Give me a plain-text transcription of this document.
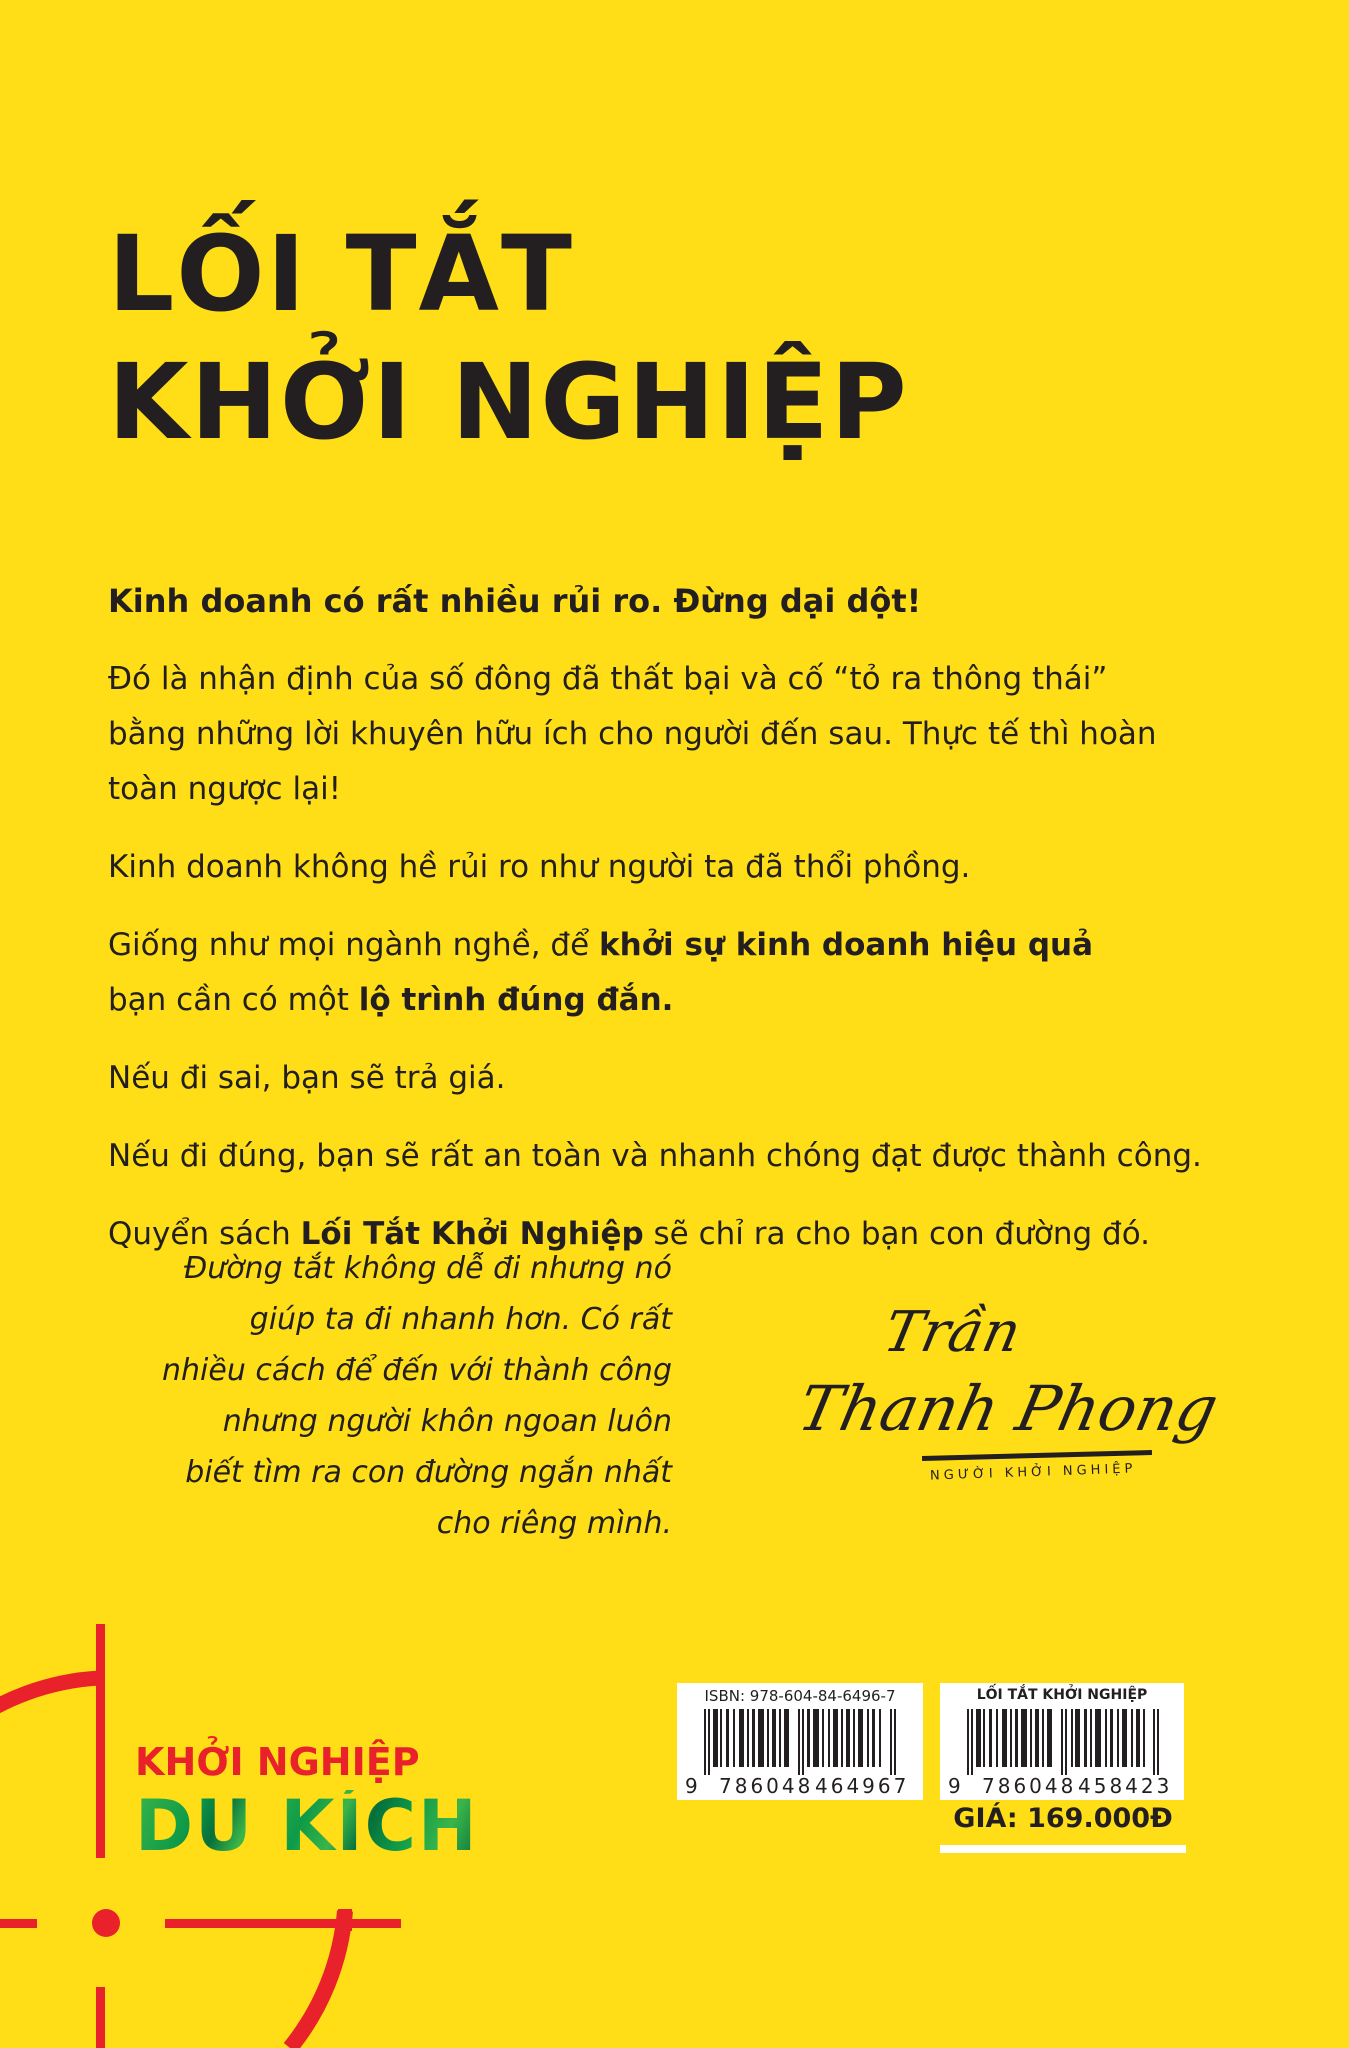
LỐI TẮT
KHỞI NGHIỆP

Kinh doanh có rất nhiều rủi ro. Đừng dại dột!

Đó là nhận định của số đông đã thất bại và cố “tỏ ra thông thái”
bằng những lời khuyên hữu ích cho người đến sau. Thực tế thì hoàn
toàn ngược lại!

Kinh doanh không hề rủi ro như người ta đã thổi phồng.

Giống như mọi ngành nghề, để khởi sự kinh doanh hiệu quả
bạn cần có một lộ trình đúng đắn.

Nếu đi sai, bạn sẽ trả giá.

Nếu đi đúng, bạn sẽ rất an toàn và nhanh chóng đạt được thành công.

Quyển sách Lối Tắt Khởi Nghiệp sẽ chỉ ra cho bạn con đường đó.

Đường tắt không dễ đi nhưng nó
giúp ta đi nhanh hơn. Có rất
nhiều cách để đến với thành công
nhưng người khôn ngoan luôn
biết tìm ra con đường ngắn nhất
cho riêng mình.
Trần
Thanh Phong
NGƯỜI KHỞI NGHIỆP
KHỞI NGHIỆP
DU KÍCH
ISBN: 978-604-84-6496-7
9 786048 464967
LỐI TẮT KHỞI NGHIỆP
9 786048 458423
GIÁ: 169.000Đ
